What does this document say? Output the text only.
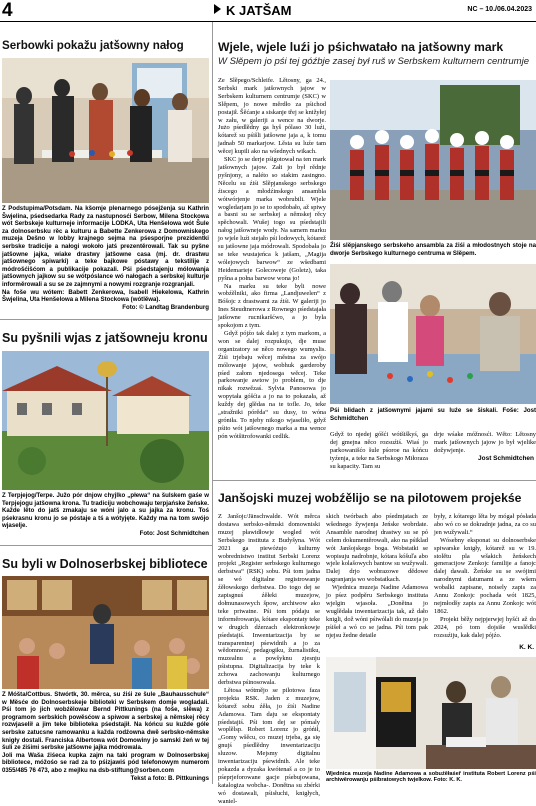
4	K JATŠAM	NC – 10./06.04.2023
Serbowki pokažu jatšowny nałog
Z Podstupimа/Potsdam. Na kšomje plenarnego pósejźenja su Kathrin Šwjelina, pśedsedarka Rady za nastupnosći Serbow, Milena Stockowa wót Serbskeje kulturneje informacije LODKA, Uta Henšelowa wót Šule za dolnoserbsku rěc a kulturu a Babette Zenkerowa z Domowniskego muzeja Dešno w lobby krajnego sejma na pśesporjnе prezidentki serbske tradicije a nałogi wokoło jatś prezentěrowali. Tak su pyšne jatšowne jajka, wiake drastwy jatšowne casa (mj. dr. drastwu jatšownego spiwarki) a teke bajkowe póstawy a tekstilije z módrošćišćom a publikacije pokazali. Pśi pśedstajenju mólowanja jatšownych jajkow su se wótpóslance wó nałogach a serbskej kulturje informěrowali a su se ze zajmnymi a nowymi rozgranje rozgranjali.
Na foše wu wótem: Babett Zenkerowa, Isabell Hiekelowa, Kathrin Šwjelina, Uta Henšelowa a Milena Stockowa (wótlěwa).
Foto: © Landtag Brandenburg
Su pyšnili wjas z jatšowneju kronu
Z Terpjejog/Terpe. Južo pór dnjow chyjlko „płewa“ na šulskem gaśe w Terpjejogu jatšowna krona. Tu tradiciju wobchowaju terpjańske žeńske. Každe lěto do jatš zmakaju se wóni jalo a su jajka za kronu. Toś pśekrasnu kronu jo se póstaje a tś a wótyjęte. Každy ma na tom swójo wjaselje.
Foto: Jost Schmidtchen
Su byli w Dolnoserbskej bibliotece
Z Móšta/Cottbus. Stwórtk, 30. měrca, su źiśi ze šule „Bauhausschule“ w Měsće do Dolnoserbskеje biblioteki w Serbskem domje wogladali. Pśi tom jo jich wobźělowar Bernd Pittkunings (na foše, slěwa) z programom serbskich powěsćow a spiwow a serbskej a němskej rěcy rozwjaselił a jim teke bibliotekа pśedstajił. Na kóńcu su kuždе góle serbske zatucsne ramowanku a každa rodźowna dwě serbsko-němske knigły dostali. Franciska Albertowa wót Domowiny jo samski źeń w tej šuli ze źiśimi serbske jatšowne jajka módrowala.
Joli ma Waša źiśeca kupka zajm na taki program w Dolnoserbskej bibliotece, móžośo se rad za to pśizjawiś pód telefonowym numerom 0355/485 76 473, abo z mejlku na dsb-stiftung@sorben.com
Tekst a foto: B. Pittkunings
Wjele, wjele luźi jo pśichwatało na jatšowny mark
W Slěpem jo pśi tej góźbje zaseј był ruš w Serbskem kulturnem centrumje

Ze Slěpego/Schleife. Lětosny, ga 24., Serbski mark jatšownych jajow w Serbskem kulturnem centrumje (SKC) w Slěpem, jo nowe měrdło za pśichod postajił. Šěćanje a siskanje třej se knižyłej w zału, w galeriji a wence na dworje. Jużo pśedlědnу ga hyš pólaso 30 luźi, kótarež su pśišli jatšowne jaja a, k tomu jadnab 50 markarjow. Lěsta su luźe tam wěceј kupili ako na wšednych wikach.

SKC jo se derje pśigotował na ten mark jatšownych jajow. Załi jo był rědnje pyšnjony, a naléto so stakim zasingno. Něcelu su źiśi Slěpjanskego serbskego źiscego a młodźinskego ansambla wótwórjenje marka wobrubili. Wjele wogledarjam jo se to spodobało, až spiwy a basni su se serbskej a němskej rěcy spěchowali. Wušej togo su pśedstajili nałog jatšowneje wody. Na samem marku jo wjele luźi stejało pśi lodowych, kótarež su jatšowne jaja módrowali. Spodobała jo se teke wustajeńca k jatšam, „Magija wólejowych barwow“ ze wšedbami Heidemarieje Golecoweje (Goletz), taka pyšna a połna barwow wona jo!

Na marku su teke byli nowe wobźělniki, ako firma „Landjuwelen“ z Bóšojc z drastwami za źiśi. W galeriji jo Ines Steudtnerowa z Rownego pśedstajała jatšowne rucnikaršćwo, a jo byla spokojom z tym.

Gdyž pójźo tak dalej z tym markom, a won se dalej rozpukujo, dje muse organizatory se něco nowego wumyslis. Źiśi trjebaju wěceј městna za swójo mólowanje jajow, wobhuk garderoby pśed załom njedosega wěceј. Teke parkowanje awtow jo problem, to dje nikak rozwězaś. Sylvia Panosowa jo wopytała góšćia a jo na to pokazała, až kuždy dej glědas na te tofle. Jo, teke „stražniki pórěda“ su dusy, to wóna gróniła. To njeby nikogo wjaseliło, gdyž pśito wót jatšownego marka a ma wence pón wótšitrofowanki cedlik.

Źiśi slěpjanskego serbskeho ansambla za źiśi a młodostnych stoje na dworje Serbskego kulturnego centruma w Slěpem.
Pśi blidach z jatšownymi jajami su luźe se šiskali. Foše: Jost Schmidtchen

Gdyž to njedej góšći wótšiškyś, ga dej gmejna něco rozsuźiś. Wiaś jo parkowanišćo šule pśoroe na kóńcu tyźenja, a teke na Serbskogo Miłoraza su kapacity. Tam su

drje wśake móžnosći. Wěto: Lětosny mark jatšownych jajow jo był wjelike dožywjenje.

Jost Schmidtchen
Janšojski muzej wobźělijo se na pilotowem projekśe

Z Janšojc/Jänschwalde. Wót měrca dostawa serbsko-němski domowniski muzej pławidłowje wogled wót Serbskego instituta z Budyšyna. Wót 2021 ga piewóżujo kulturny wobrednistwo institut Serbski Lorenz projekt „Register serbskego kulturnego derbstwa“ (RSK) sobu. Pśi tom jadna se wó digitalne registrowanje źěłowskego derbstwa. Do togo dej se zapisgnuś źěłeki muzejow, dołmunasowych špow, archiwow ako teke priwatne. Pśi tom pódaju se informěrowаnja, kótare ekspontaty teke w drugich dźerzach elektronkowje pśedstajiś. Inwentarizacija by se transparentnej pśewidnih a jo za wědomnosć, pedagogiku, žurnalistiku, muzealnu a powšyknu zjesnju pśistupna. Digitalizacija by teke k zchowa zachowanju kulturnego derbstwa pśinosowala.

Lětosa wótmějo se pilotowa faza projekta RSK. Jaden z muzejow, kótarež sobu źěła, jo źiśi Nadine Adamowa. Tam daju se ekspontaty pśedstajiś. Pśi tom dej se pómaly woplělsp. Robert Lorenz jo gróńił, „Gomy wšěcu, co muzej trjeba, ga się gnujś pśedlědnу inwentarizaciju sluzow. Mejsmy digitalnu inwentarizaciju pśewidnih. Ale teke pokazda a dyzaka kwótenaš a co je to pśeprjeforowane gaсje pśebujowana, katalogiza wobcha-. Donětna su zbérki wó dostawali, pśisłuchi, knigłych, waniel-

skich twórbach abo pśedmjatach ze wšednego žywjenja Jeńske wobrdate. Ansamble narodnej drastwy su se pó celem dokumentěrowali, ako na pśiklad wót Janšojskego boga. Wobstatki se wopisuju nadrobnje, kótarа kóšuľa abo wjele kolašowych bantow su wužywali. Dalej drjo wobrazowe dědowe nagranjanja wo wobstatkach.

Wjednica muzeja Nadine Adamowa jo pśez podpěru Serbskego instituta wjelgin wjasoła. „Donětna jo wuglědała inwentarizacija tak, až dało knigli, dož wóni pśiwólali do muzeja jo pśišeł a wó co se jadna. Pśi tom pak njejsu žedne detaile

były, z kótarego lěta by mógał pósłada abo wó co se dokradnje jadna, za co su jen wužywali.“

Wósebny eksponat su dolnoserbske spiwarske knigły, kótarež su w 19. stolětu pla wšakich žeńskech generacijow Zenkojc familije a fanojc dalej dawali. Žeńske su se swójimi narodnymi datumami a ze wšem wobalki zapisane, noisely zapis za Annu Zonkojc pochada wót 1825, nejmłodšy zapis za Annu Zonkojc wót 1862.

Projekt běžy nejpjerwjej hyšći až do 2024, pó tom dojsiše wuslědki rozsuźiju, kak dalej pójźo.

K. K.
Wjednica muzeja Nadine Adamowa a sobuźěłaśeř instituta Robert Lorenz pśi archiwěrowanju pśibratowych twjelkow. Foto: K. K.
